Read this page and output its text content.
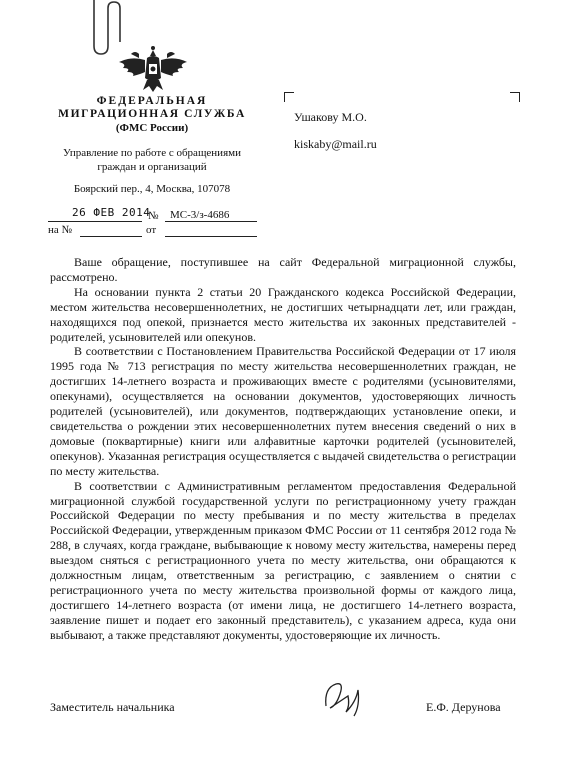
ФЕДЕРАЛЬНАЯ
МИГРАЦИОННАЯ СЛУЖБА
(ФМС России)
Управление по работе с обращениями граждан и организаций
Боярский пер., 4, Москва, 107078
26 ФЕВ 2014
№ МС-3/з-4686
на №	от
Ушакову М.О.
kiskaby@mail.ru

Ваше обращение, поступившее на сайт Федеральной миграционной службы, рассмотрено.

На основании пункта 2 статьи 20 Гражданского кодекса Российской Федерации, местом жительства несовершеннолетних, не достигших четырнадцати лет, или граждан, находящихся под опекой, признается место жительства их законных представителей - родителей, усыновителей или опекунов.

В соответствии с Постановлением Правительства Российской Федерации от 17 июля 1995 года № 713 регистрация по месту жительства несовершеннолетних граждан, не достигших 14-летнего возраста и проживающих вместе с родителями (усыновителями, опекунами), осуществляется на основании документов, удостоверяющих личность родителей (усыновителей), или документов, подтверждающих установление опеки, и свидетельства о рождении этих несовершеннолетних путем внесения сведений о них в домовые (поквартирные) книги или алфавитные карточки родителей (усыновителей, опекунов). Указанная регистрация осуществляется с выдачей свидетельства о регистрации по месту жительства.

В соответствии с Административным регламентом предоставления Федеральной миграционной службой государственной услуги по регистрационному учету граждан Российской Федерации по месту пребывания и по месту жительства в пределах Российской Федерации, утвержденным приказом ФМС России от 11 сентября 2012 года № 288, в случаях, когда граждане, выбывающие к новому месту жительства, намерены перед выездом сняться с регистрационного учета по месту жительства, они обращаются к должностным лицам, ответственным за регистрацию, с заявлением о снятии с регистрационного учета по месту жительства произвольной формы от каждого лица, достигшего 14-летнего возраста (от имени лица, не достигшего 14-летнего возраста, заявление пишет и подает его законный представитель), с указанием адреса, куда они выбывают, а также представляют документы, удостоверяющие их личность.

Заместитель начальника	Е.Ф. Дерунова
